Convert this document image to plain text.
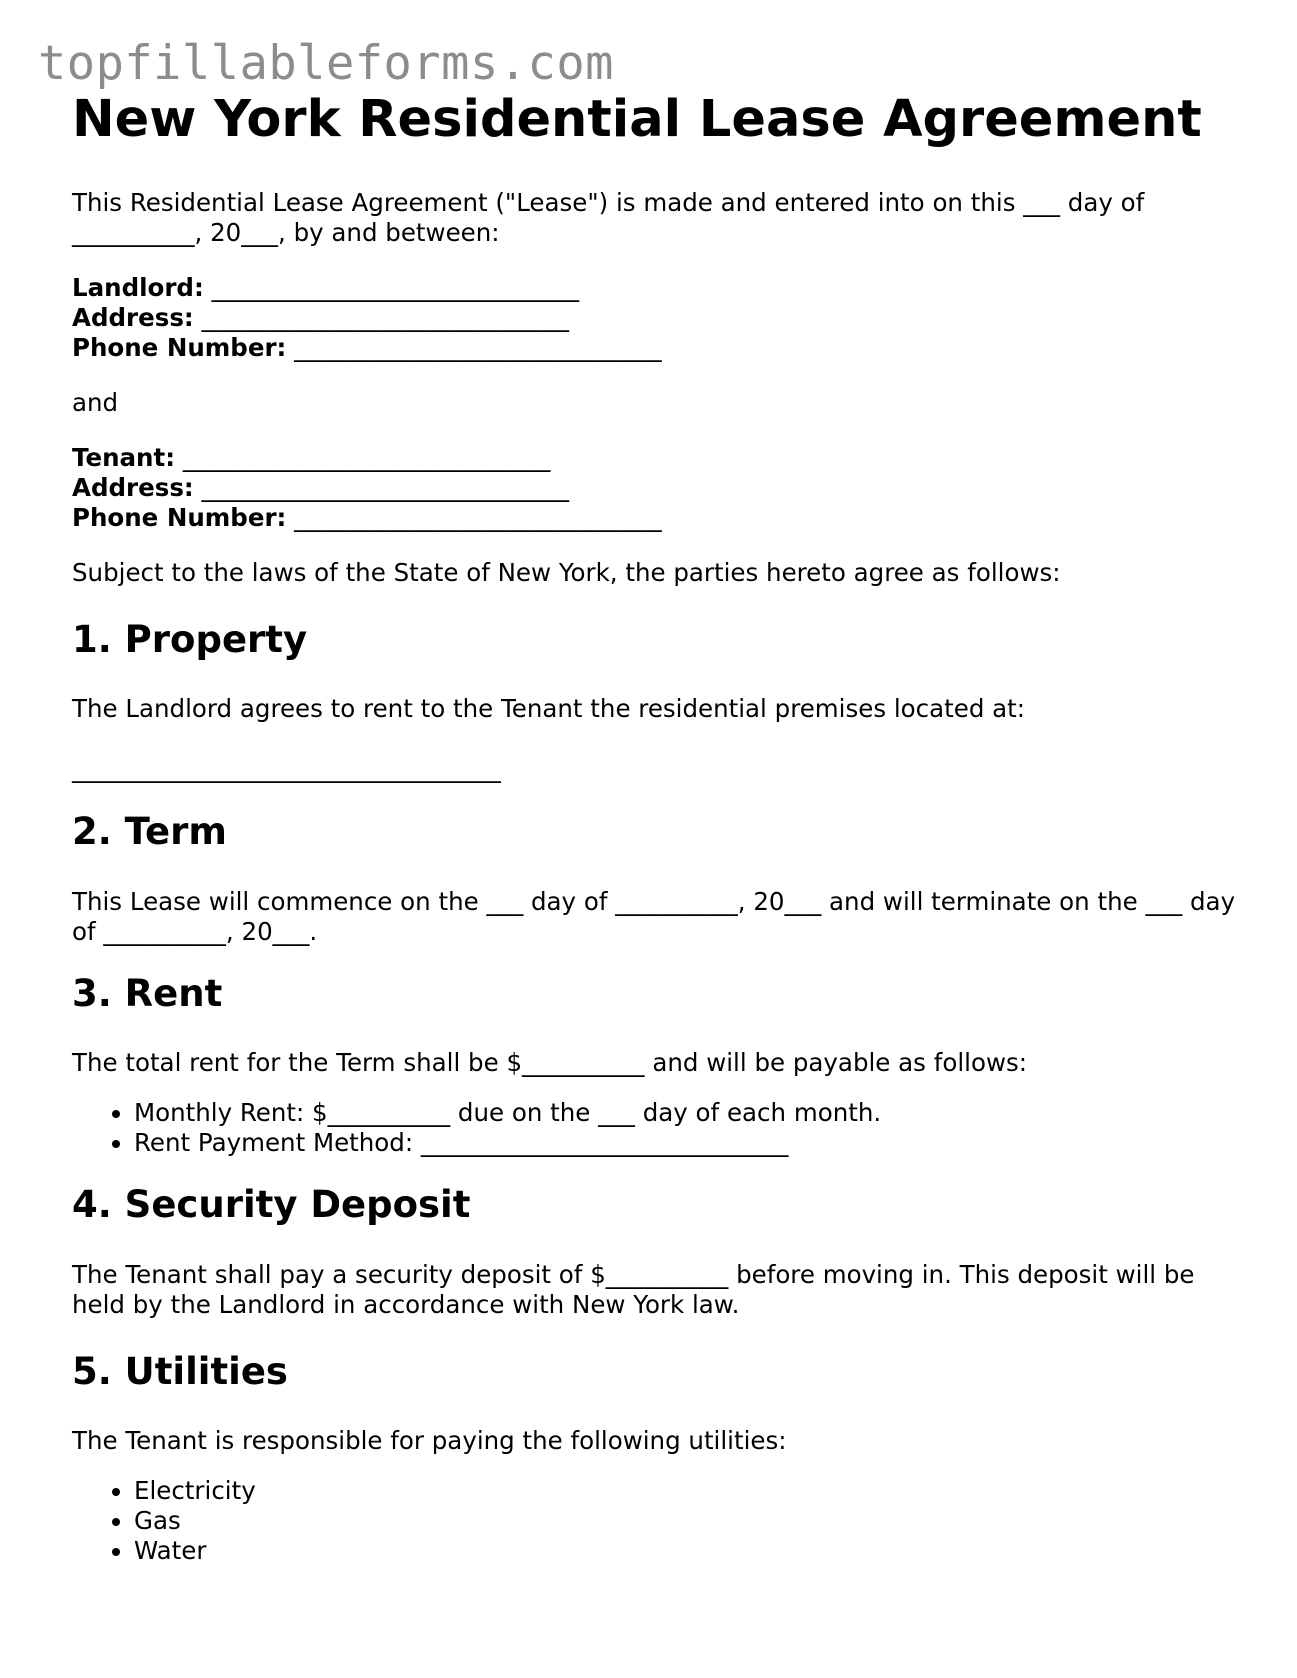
topfillableforms.com
New York Residential Lease Agreement

This Residential Lease Agreement ("Lease") is made and entered into on this ___ day of __________, 20___, by and between:

Landlord: ______________________________

Address: ______________________________

Phone Number: ______________________________

and

Tenant: ______________________________

Address: ______________________________

Phone Number: ______________________________

Subject to the laws of the State of New York, the parties hereto agree as follows:

1. Property

The Landlord agrees to rent to the Tenant the residential premises located at:

___________________________________

2. Term

This Lease will commence on the ___ day of __________, 20___ and will terminate on the ___ day of __________, 20___.

3. Rent

The total rent for the Term shall be $__________ and will be payable as follows:

• Monthly Rent: $__________ due on the ___ day of each month.
• Rent Payment Method: ______________________________
4. Security Deposit

The Tenant shall pay a security deposit of $__________ before moving in. This deposit will be held by the Landlord in accordance with New York law.

5. Utilities

The Tenant is responsible for paying the following utilities:

• Electricity
• Gas
• Water
